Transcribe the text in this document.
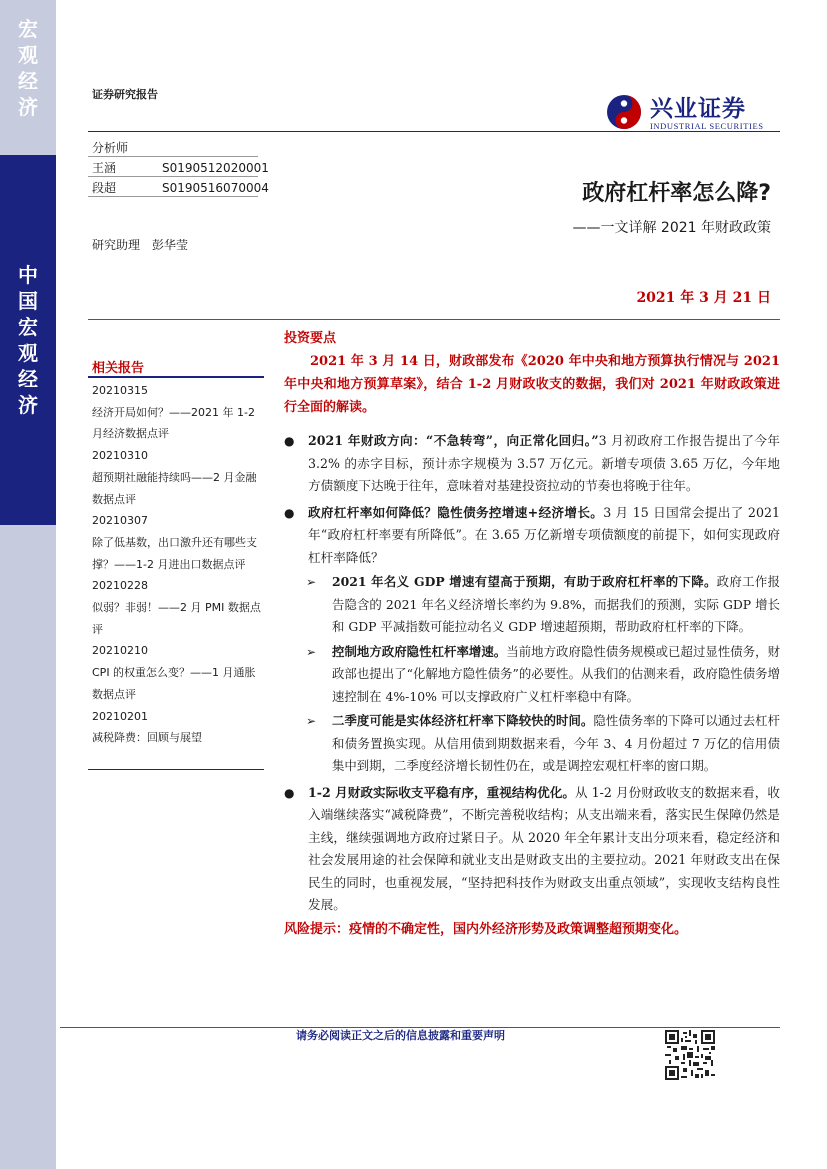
宏
观
经
济
中
国
宏
观
经
济
证券研究报告
兴业证券
INDUSTRIAL SECURITIES
分析师
王涵	S0190512020001
段超	S0190516070004
研究助理 彭华莹
政府杠杆率怎么降?
——一文详解 2021 年财政政策
2021 年 3 月 21 日
相关报告
20210315
经济开局如何？——2021 年 1-2 月经济数据点评
20210310
超预期社融能持续吗——2 月金融数据点评
20210307
除了低基数，出口激升还有哪些支撑？——1-2 月进出口数据点评
20210228
似弱？非弱！——2 月 PMI 数据点评
20210210
CPI 的权重怎么变？——1 月通胀数据点评
20210201
减税降费：回顾与展望
投资要点

2021 年 3 月 14 日，财政部发布《2020 年中央和地方预算执行情况与 2021 年中央和地方预算草案》，结合 1-2 月财政收支的数据，我们对 2021 年财政政策进行全面的解读。

● 2021 年财政方向：“不急转弯”，向正常化回归。”3 月初政府工作报告提出了今年 3.2% 的赤字目标，预计赤字规模为 3.57 万亿元。新增专项债 3.65 万亿，今年地方债额度下达晚于往年，意味着对基建投资拉动的节奏也将晚于往年。
● 政府杠杆率如何降低？隐性债务控增速+经济增长。3 月 15 日国常会提出了 2021 年“政府杠杆率要有所降低”。在 3.65 万亿新增专项债额度的前提下，如何实现政府杠杆率降低？
➢ 2021 年名义 GDP 增速有望高于预期，有助于政府杠杆率的下降。政府工作报告隐含的 2021 年名义经济增长率约为 9.8%，而据我们的预测，实际 GDP 增长和 GDP 平减指数可能拉动名义 GDP 增速超预期，帮助政府杠杆率的下降。
➢ 控制地方政府隐性杠杆率增速。当前地方政府隐性债务规模或已超过显性债务，财政部也提出了“化解地方隐性债务”的必要性。从我们的估测来看，政府隐性债务增速控制在 4%-10% 可以支撑政府广义杠杆率稳中有降。
➢ 二季度可能是实体经济杠杆率下降较快的时间。隐性债务率的下降可以通过去杠杆和债务置换实现。从信用债到期数据来看，今年 3、4 月份超过 7 万亿的信用债集中到期，二季度经济增长韧性仍在，或是调控宏观杠杆率的窗口期。
● 1-2 月财政实际收支平稳有序，重视结构优化。从 1-2 月份财政收支的数据来看，收入端继续落实“减税降费”，不断完善税收结构；从支出端来看，落实民生保障仍然是主线，继续强调地方政府过紧日子。从 2020 年全年累计支出分项来看，稳定经济和社会发展用途的社会保障和就业支出是财政支出的主要拉动。2021 年财政支出在保民生的同时，也重视发展，“坚持把科技作为财政支出重点领域”，实现收支结构良性发展。
风险提示：疫情的不确定性，国内外经济形势及政策调整超预期变化。
请务必阅读正文之后的信息披露和重要声明
